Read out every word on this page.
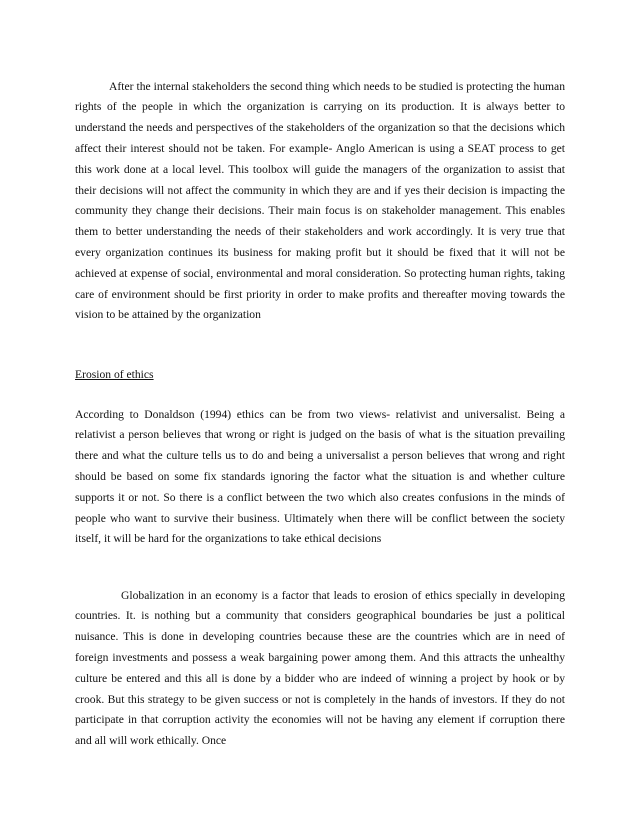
After the internal stakeholders the second thing which needs to be studied is protecting the human rights of the people in which the organization is carrying on its production. It is always better to understand the needs and perspectives of the stakeholders of the organization so that the decisions which affect their interest should not be taken. For example- Anglo American is using a SEAT process to get this work done at a local level. This toolbox will guide the managers of the organization to assist that their decisions will not affect the community in which they are and if yes their decision is impacting the community they change their decisions. Their main focus is on stakeholder management. This enables them to better understanding the needs of their stakeholders and work accordingly. It is very true that every organization continues its business for making profit but it should be fixed that it will not be achieved at expense of social, environmental and moral consideration. So protecting human rights, taking care of environment should be first priority in order to make profits and thereafter moving towards the vision to be attained by the organization

Erosion of ethics

According to Donaldson (1994) ethics can be from two views- relativist and universalist. Being a relativist a person believes that wrong or right is judged on the basis of what is the situation prevailing there and what the culture tells us to do and being a universalist a person believes that wrong and right should be based on some fix standards ignoring the factor what the situation is and whether culture supports it or not. So there is a conflict between the two which also creates confusions in the minds of people who want to survive their business. Ultimately when there will be conflict between the society itself, it will be hard for the organizations to take ethical decisions

Globalization in an economy is a factor that leads to erosion of ethics specially in developing countries. It. is nothing but a community that considers geographical boundaries be just a political nuisance. This is done in developing countries because these are the countries which are in need of foreign investments and possess a weak bargaining power among them. And this attracts the unhealthy culture be entered and this all is done by a bidder who are indeed of winning a project by hook or by crook. But this strategy to be given success or not is completely in the hands of investors. If they do not participate in that corruption activity the economies will not be having any element if corruption there and all will work ethically. Once
